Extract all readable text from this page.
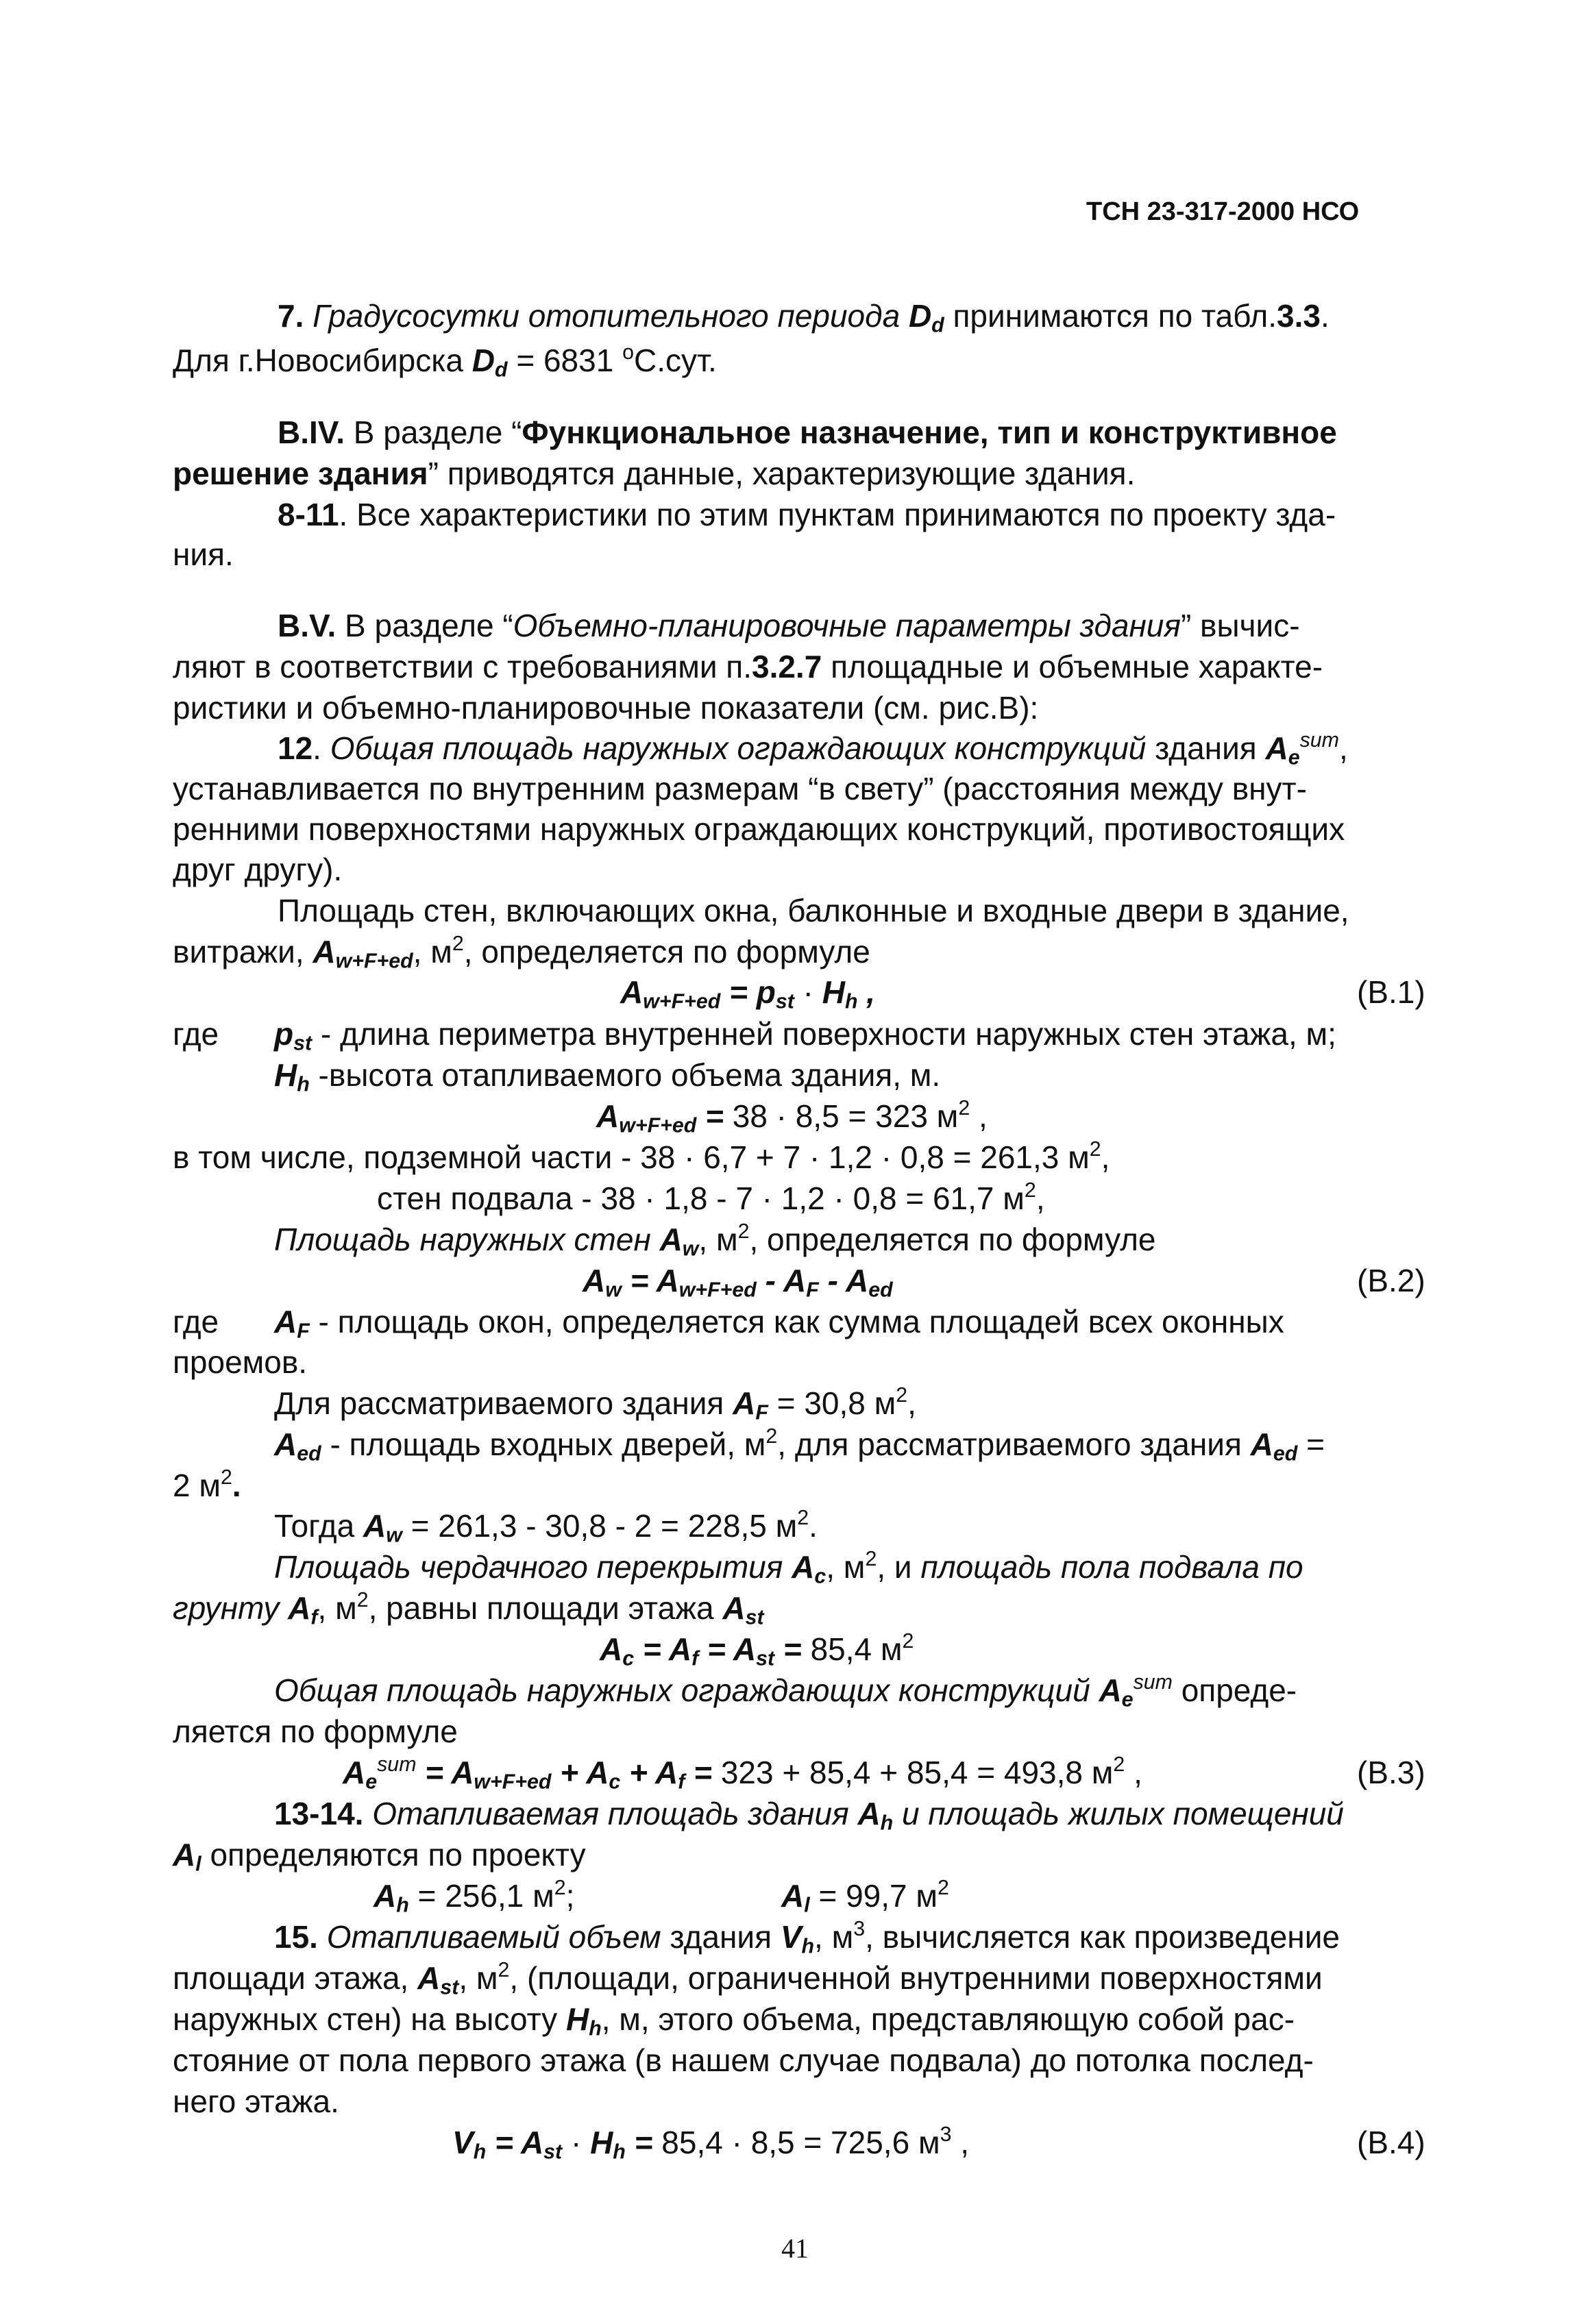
ТСН 23-317-2000 НСО
7. Градусосутки отопительного периода $D_d$ принимаются по табл.3.3.
Для г.Новосибирска $D_d = 6831$ $^о$С.сут.
В.IV. В разделе “Функциональное назначение, тип и конструктивное
решение здания” приводятся данные, характеризующие здания.
8-11. Все характеристики по этим пунктам принимаются по проекту зда-
ния.
В.V. В разделе “Объемно-планировочные параметры здания” вычис-
ляют в соответствии с требованиями п.3.2.7 площадные и объемные характе-
ристики и объемно-планировочные показатели (см. рис.В):
12. Общая площадь наружных ограждающих конструкций здания $A_e^{sum}$,
устанавливается по внутренним размерам “в свету” (расстояния между внут-
ренними поверхностями наружных ограждающих конструкций, противостоящих
друг другу).
Площадь стен, включающих окна, балконные и входные двери в здание,
витражи, $A_{w+F+ed}$, $м^2$, определяется по формуле
$A_{w+F+ed} = p_{st} \cdot H_h$ ,	(В.1)
где $p_{st}$ - длина периметра внутренней поверхности наружных стен этажа, м;
$H_h$ -высота отапливаемого объема здания, м.
$A_{w+F+ed} = 38 \cdot 8,5 = 323$ $м^2$ ,
в том числе, подземной части - 38 · 6,7 + 7 · 1,2 · 0,8 = 261,3 $м^2$,
стен подвала - 38 · 1,8 - 7 · 1,2 · 0,8 = 61,7 $м^2$,
Площадь наружных стен $A_w$, $м^2$, определяется по формуле
$A_w = A_{w+F+ed} - A_F - A_{ed}$	(В.2)
где $A_F$ - площадь окон, определяется как сумма площадей всех оконных
проемов.
Для рассматриваемого здания $A_F = 30,8$ $м^2$,
$A_{ed}$ - площадь входных дверей, $м^2$, для рассматриваемого здания $A_{ed}$ =
2 $м^2$.
Тогда $A_w = 261,3 - 30,8 - 2 = 228,5$ $м^2$.
Площадь чердачного перекрытия $A_c$, $м^2$, и площадь пола подвала по
грунту $A_f$, $м^2$, равны площади этажа $A_{st}$
$A_c = A_f = A_{st} = 85,4$ $м^2$
Общая площадь наружных ограждающих конструкций $A_e^{sum}$ опреде-
ляется по формуле
$A_e^{sum} = A_{w+F+ed} + A_c + A_f = 323 + 85,4 + 85,4 = 493,8$ $м^2$ ,	(В.3)
13-14. Отапливаемая площадь здания $A_h$ и площадь жилых помещений
$A_l$ определяются по проекту
$A_h = 256,1$ $м^2$;	$A_l = 99,7$ $м^2$
15. Отапливаемый объем здания $V_h$, $м^3$, вычисляется как произведение
площади этажа, $A_{st}$, $м^2$, (площади, ограниченной внутренними поверхностями
наружных стен) на высоту $H_h$, м, этого объема, представляющую собой рас-
стояние от пола первого этажа (в нашем случае подвала) до потолка послед-
него этажа.
$V_h = A_{st} \cdot H_h = 85,4 \cdot 8,5 = 725,6$ $м^3$ ,	(В.4)
41
